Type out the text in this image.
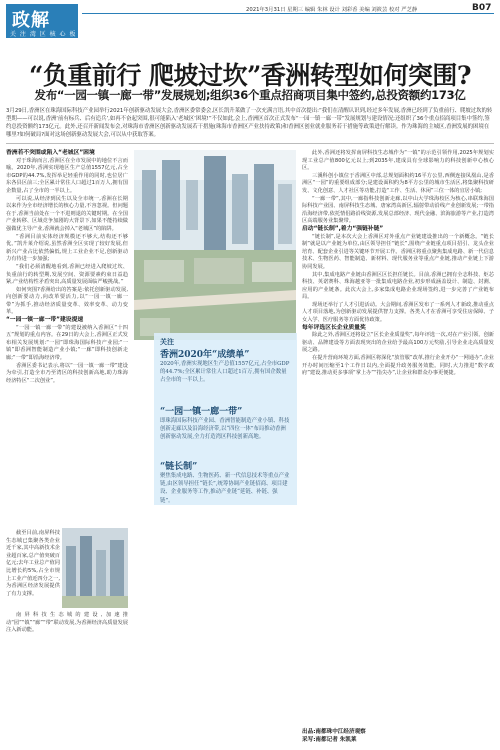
政解
关 注 湾 区 核 心 板 块
2021年3月31日 星期三 编辑 朱林 设计 刘彩香 美编 刘筱芸 校对 严芝静	B07
“负重前行 爬坡过坎”香洲转型如何突围?
发布“一园一镇一廊一带”发展规划;组织36个重点招商项目集中签约,总投资额约173亿
3月29日,香洲区在珠海国际科技产业园举行2021年创新驱动发展大会,香洲区委常委会,区长凯升莱做了一次充满言语,其中首次提出:“我们在清醒认识到,经过多年发展,香洲已经到了负重前行、爬坡过坎的转型期——可以说,香洲‘前有标兵、后有追兵’,如再不奋起突围,很可能陷入‘老城区’困境!”不仅如此,会上,香洲区首次正式发布“一园一镇一廊一带”发展规划与建设情况;还组织了36个重点招商项目集中签约,签约总投资额约173亿元。此外,还召开新闻发布会,对珠海市香洲区创新驱动发展若干措施(珠海市香洲区产业扶持政策)和香洲区创业就业服务若干措施等政策进行解读。作为珠海的主城区,香洲发展的困境在哪里?如何破局?面对这场创新驱动发展大会,可以从中获取答案。

香洲若不突围或陷入“老城区”困境

对于珠海而言,香洲区在全市发展中的地位不言而喻。2020年,香洲实现地区生产总值1557亿元,占全市GDP的44.7%,发挥举足轻重作用的同时,也位居广东各县区前三;全区累计常住人口超过1百万人,拥有国企数量,占了全市的一半以上。

可以说,从经济到民生以及全市统一,香洲在长期以来作为全市经济增长的核心力量,不容忽视。但问题在于,香洲当前处在一个不进则退的关键时期。在全国产业转移、区域竞争加剧的大背景下,如果不能持续做强做优主导产业,香洲就会掉入“老城区”的陷阱。

“香洲目前实体经济规模还不够大,结构还不够优。”凯升莱介绍说,虽然香洲全区实现了较好发展,但新兴产业占比依然偏低,规上工业企业不足,创新驱动力有待进一步加强;

“我们必须清醒地看到,香洲已经进入爬坡过坎、负重前行的转型期,发展空间、资源要素约束日益趋紧,产业结构性矛盾突出,高质量发展面临严峻挑战。”

如何突围?香洲给出的答案是:依托创新驱动发展,向创新要动力,向改革要活力,以“一园一镇一廊一带”为抓手,推动经济质量变革、效率变革、动力变革。

“一园一镇一廊一带”建设提速

“一园一镇一廊一带”的建设被纳入香洲区“十四五”规划的重点内容。在29日的大会上,香洲区正式发布相关发展规划:“一园”即珠海国际科技产业园;“一镇”即香洲智能制造产业小镇;“一廊”即科技创新走廊;“一带”即沿海经济带。

香洲区委书记表示,将以“一园一镇一廊一带”建设为牵引,打造全市乃至湾区的科技创新高地,助力珠海经济特区“二次创业”。

关注
香洲2020年“成绩单”
2020年,香洲实现地区生产总值1557亿元,占全市GDP的44.7%;全区累计常住人口超过1百万,拥有国企数量占全市的一半以上。
“一园一镇一廊一带”
即珠海国际科技产业园、香洲智能制造产业小镇、科技创新走廊以及沿海经济带,以“四位一体”布局推动香洲创新驱动发展,全力打造湾区科技创新高地。
“链长制”
聚焦集成电路、生物医药、新一代信息技术等重点产业链,由区领导担任“链长”,统筹协调产业链招商、项目建设、企业服务等工作,推动产业链“延链、补链、强链”。

此外,香洲还将发挥南屏科技生态城作为“一镇”的示范引领作用,2025年规划实现工业总产值800亿元以上;到2035年,建成具有全球影响力的科技创新中心核心区。

三溪科创小镇位于香洲区中部,总规划面积约16平方公里,西侧连接凤凰山,是香洲区“一园”的重要组成部分;是建设面积约为8平方公里的城市生活区,将集聚科技研发、文化创意、人才社区等功能,打造“工作、生活、休闲”三位一体的宜居小镇;

“一廊一带”,其中,一廊指科技创新走廊,以中山大学珠海校区为核心,串联珠海国际科技产业园、南屏科技生态城、唐家湾高新区,辐射带动沿线产业创新发展;一带指沿海经济带,依托情侣路沿线资源,发展总部经济、现代金融、滨海旅游等产业,打造湾区高端服务业集聚带。

启动“链长制”,着力“强链补链”

“链长制”,是本次大会上香洲区对外重点产业链建设推出的一个新概念。“链长制”就是以产业链为单位,由区领导担任“链长”,围绕产业链重点项目招引、龙头企业培育、配套企业引进等关键环节开展工作。香洲区将重点聚焦集成电路、新一代信息技术、生物医药、智能制造、新材料、现代服务业等重点产业链,推动产业链上下游协同发展。

其中,集成电路产业链由香洲区区长担任链长。目前,香洲已拥有全志科技、炬芯科技、英诺赛科、珠海越亚等一批集成电路企业,初步形成涵盖设计、制造、封测、应用的产业链条。此次大会上,多家集成电路企业现场签约,进一步完善了产业链布局。

现场还举行了人才引进活动。大会期间,香洲区发布了一系列人才新政,推动重点人才项目落地,为创新驱动发展提供智力支撑。各类人才在香洲可享受住房保障、子女入学、医疗服务等方面优待政策。

每年评选区长企业质量奖

除此之外,香洲区还将设立“区长企业质量奖”,每年评选一次,对在产业引领、创新驱动、品牌建设等方面表现突出的企业给予最高100万元奖励,引导企业走高质量发展之路。

在提升营商环境方面,香洲区将深化“放管服”改革,推行企业开办“一网通办”,企业开办时间压缩至1个工作日以内,全面提升政务服务效能。同时,大力推进“数字政府”建设,推动更多事项“掌上办”“指尖办”,让企业和群众办事更便捷。

截至目前,南屏科技生态城已集聚各类企业近千家,其中高新技术企业超百家,总产值突破百亿元;去年工业总产值同比增长约5%,占全市规上工业产值近四分之一,为香洲区经济发展提供了有力支撑。

南屏科技生态城的建设,加速推动“园”“镇”“廊”“带”联动发展,为香洲经济高质量发展注入新动能。

出品:南都珠中江经济观察
采写:南都记者 朱凯莱
